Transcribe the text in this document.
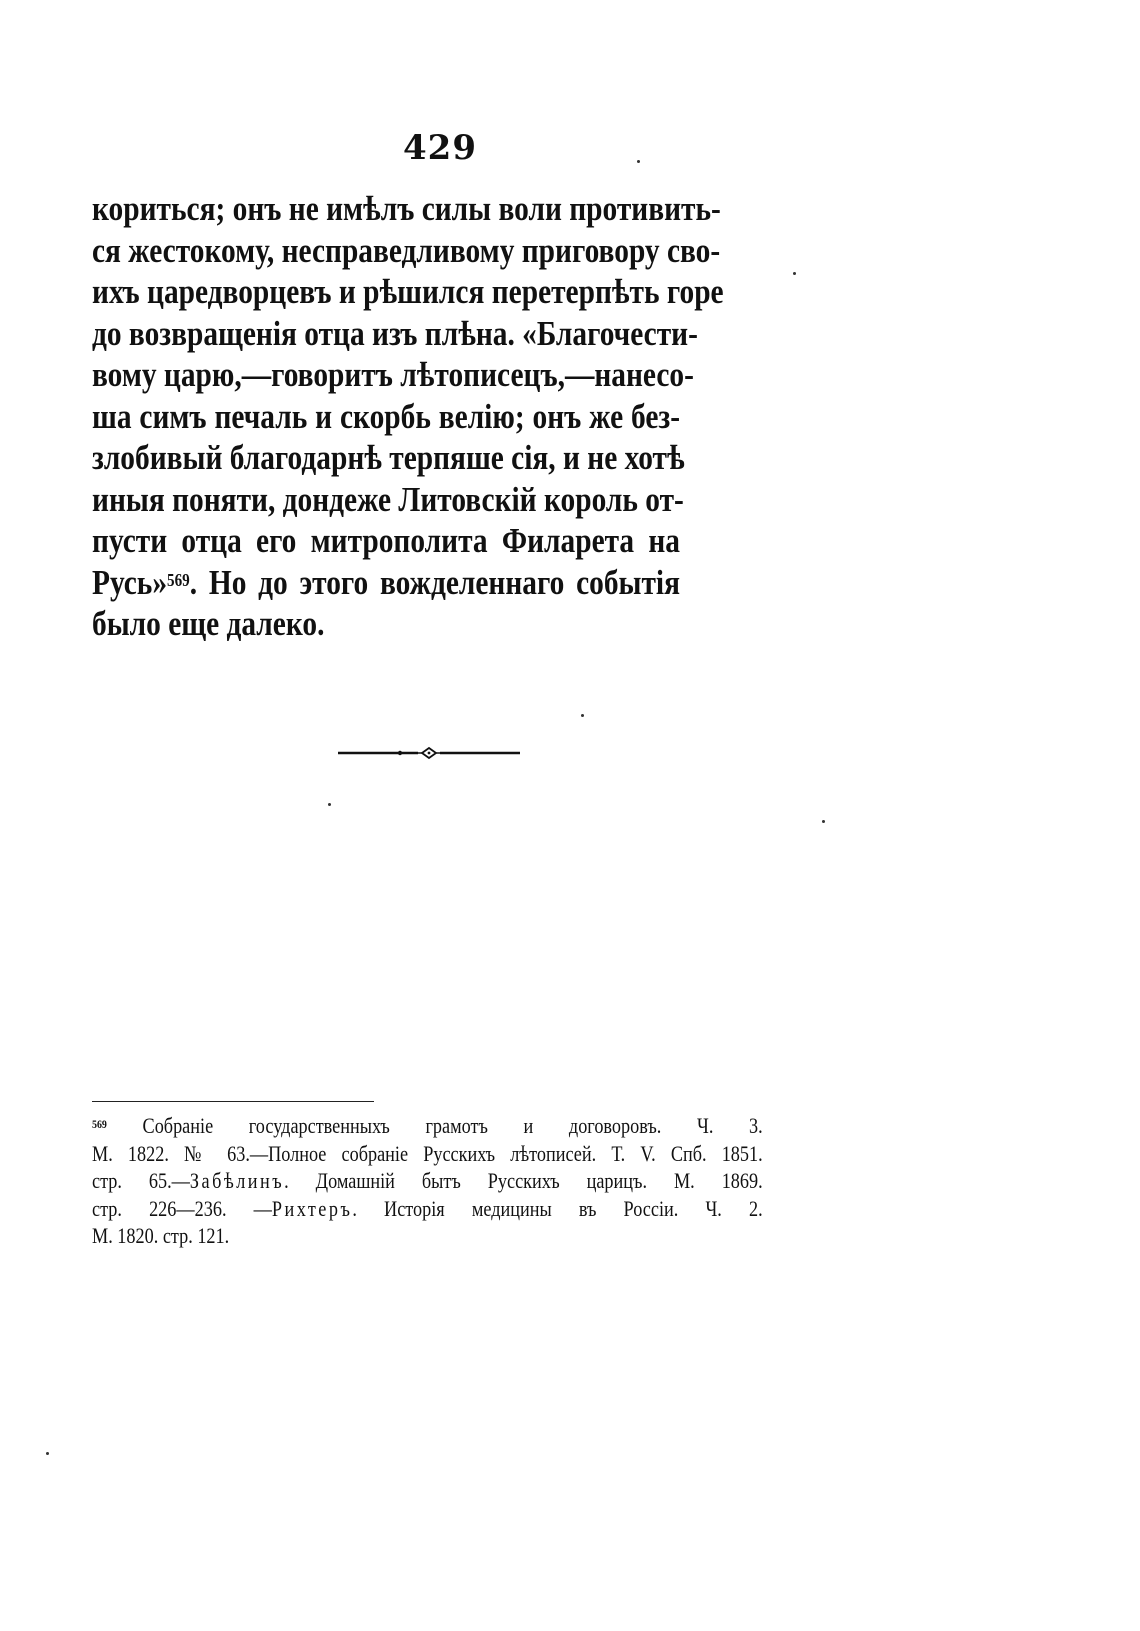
429
кориться; онъ не имѣлъ силы воли противить-
ся жестокому, несправедливому приговору сво-
ихъ царедворцевъ и рѣшился перетерпѣть горе
до возвращенія отца изъ плѣна. «Благочести-
вому царю,—говоритъ лѣтописецъ,—нанесо-
ша симъ печаль и скорбь велію; онъ же без-
злобивый благодарнѣ терпяше сія, и не хотѣ
иныя поняти, дондеже Литовскій король от-
пусти отца его митрополита Филарета на
Русь»$^{569}$. Но до этого вожделеннаго событія
было еще далеко.
$^{569}$ Собраніе государственныхъ грамотъ и договоровъ. Ч. 3.
М. 1822. № 63.—Полное собраніе Русскихъ лѣтописей. Т. V. Спб. 1851.
стр. 65.—Забѣлинъ. Домашній бытъ Русскихъ царицъ. М. 1869.
стр. 226—236. —Рихтеръ. Исторія медицины въ Россіи. Ч. 2.
М. 1820. стр. 121.
